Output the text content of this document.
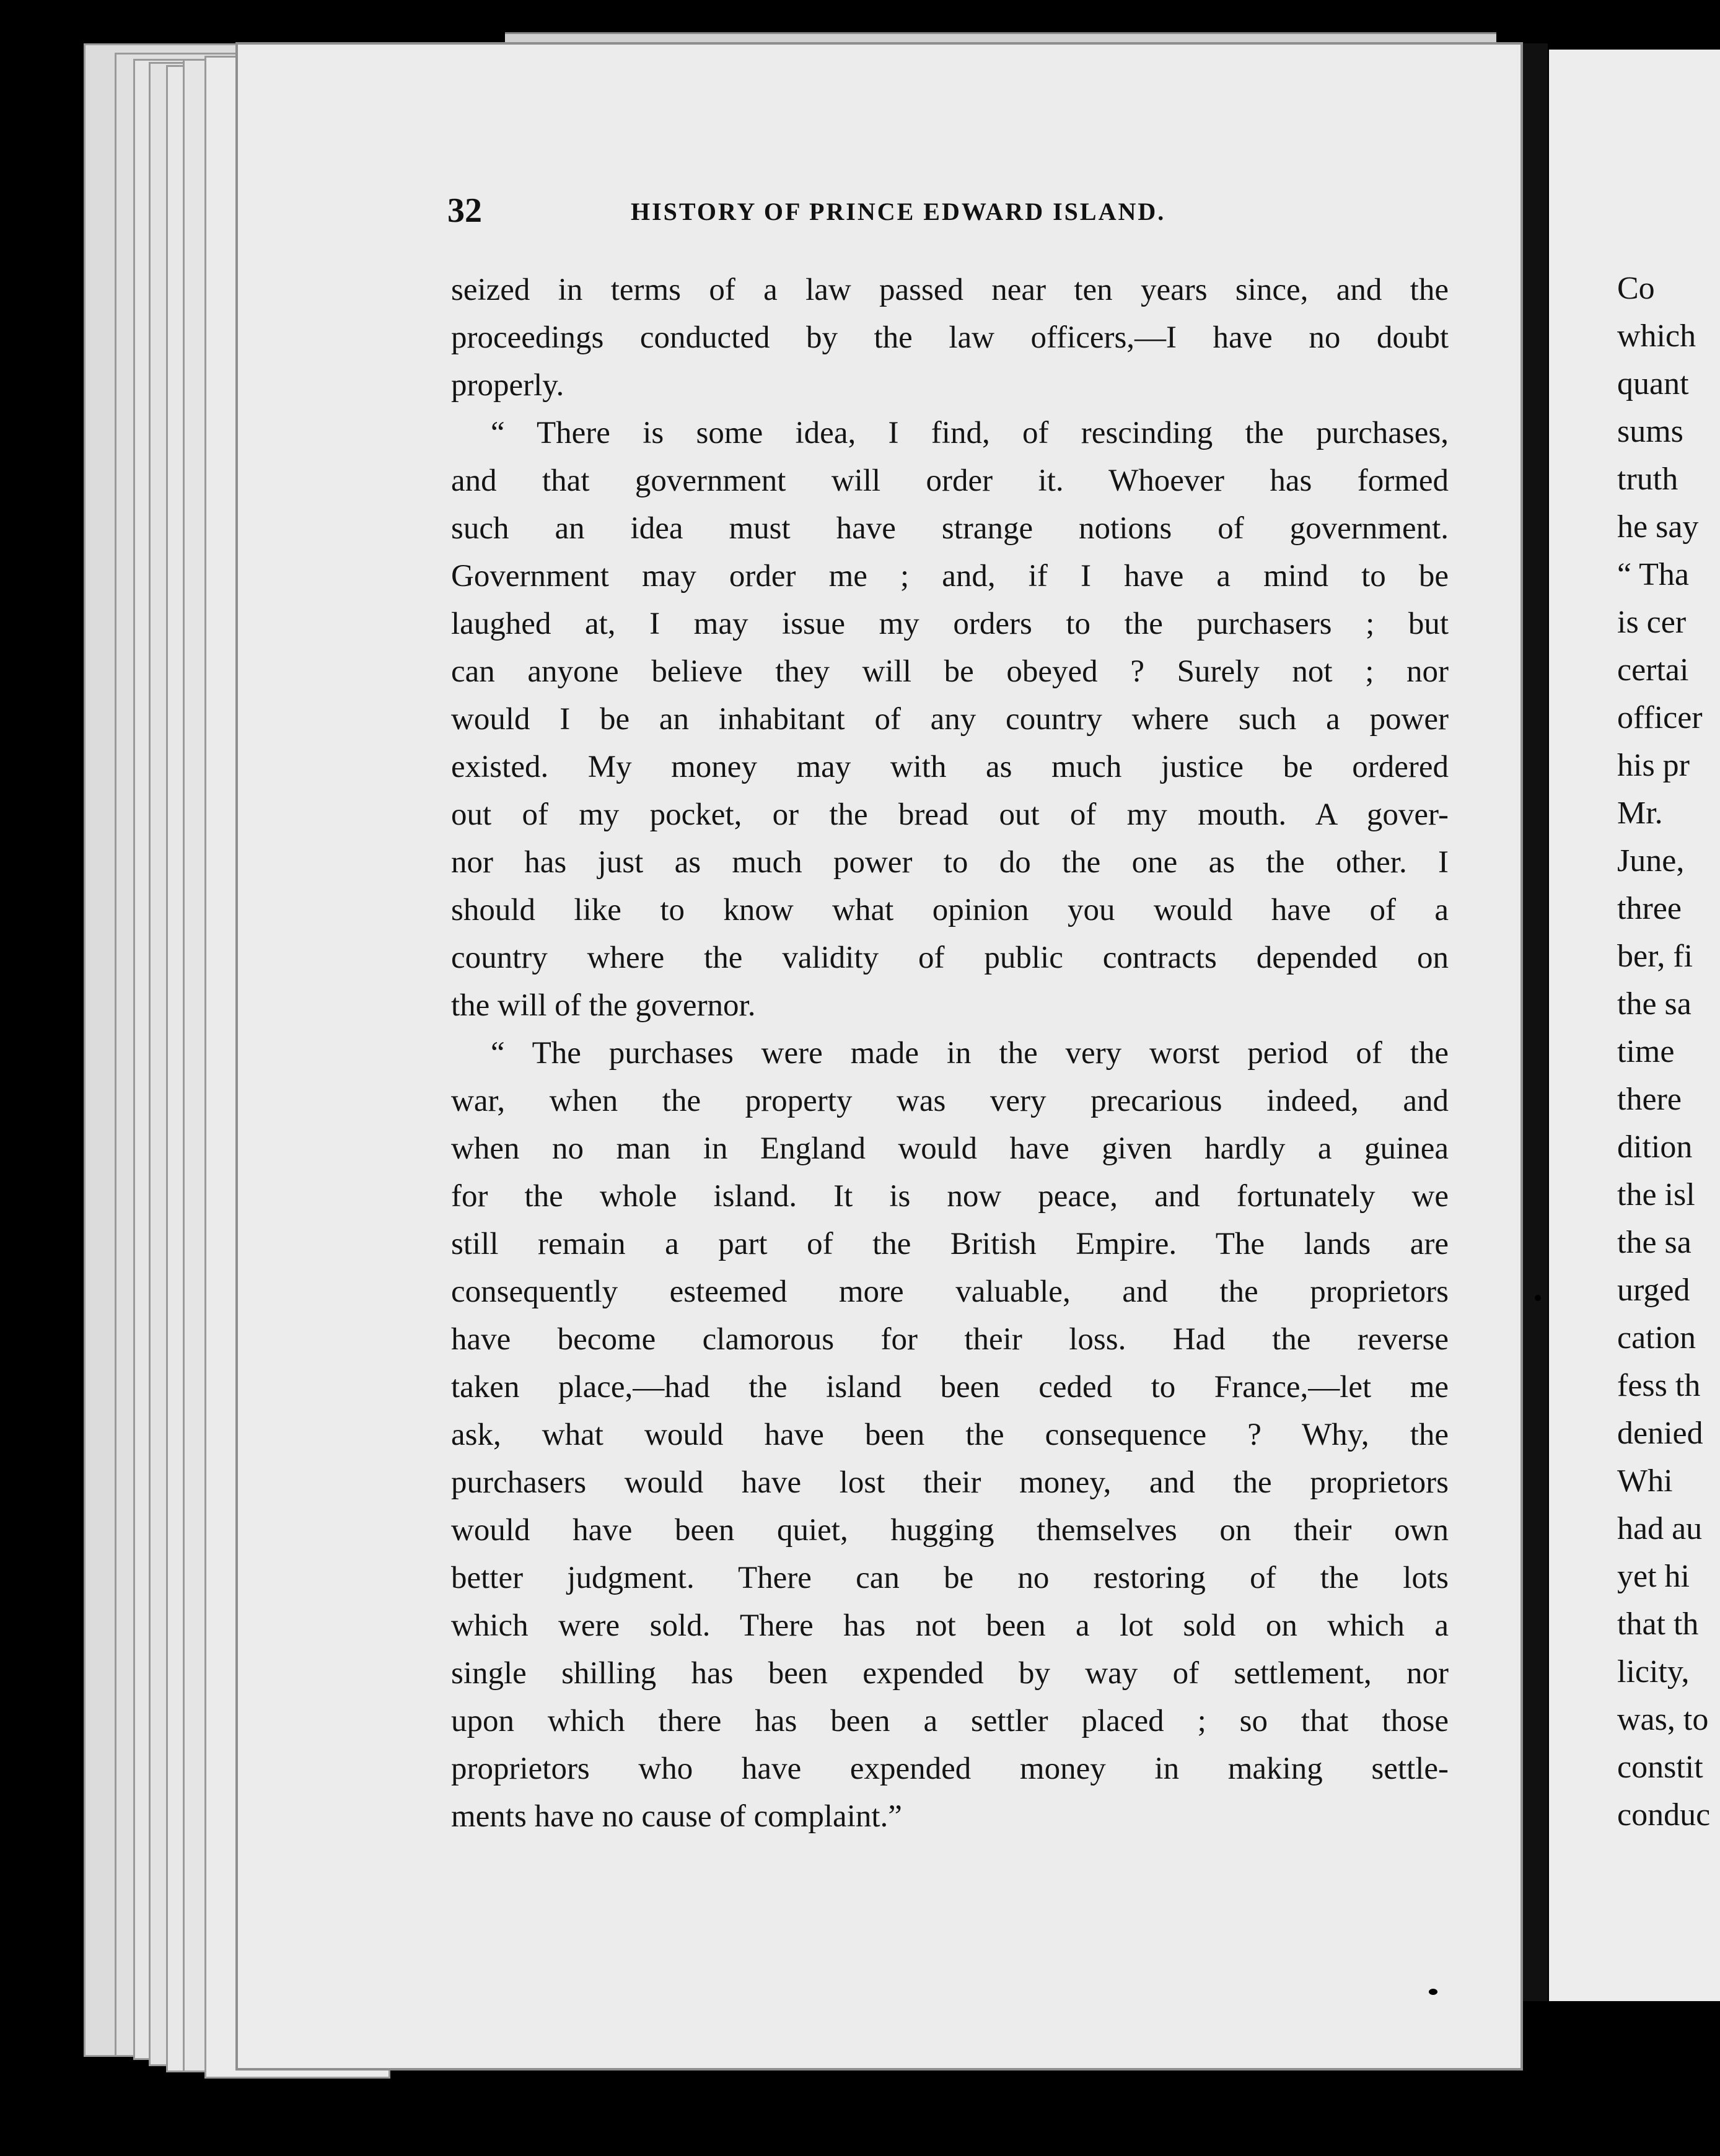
32	HISTORY OF PRINCE EDWARD ISLAND.
seized in terms of a law passed near ten years since, and the
proceedings conducted by the law officers,—I have no doubt
properly.
“ There is some idea, I find, of rescinding the purchases,
and that government will order it. Whoever has formed
such an idea must have strange notions of government.
Government may order me ; and, if I have a mind to be
laughed at, I may issue my orders to the purchasers ; but
can anyone believe they will be obeyed ? Surely not ; nor
would I be an inhabitant of any country where such a power
existed. My money may with as much justice be ordered
out of my pocket, or the bread out of my mouth. A gover-
nor has just as much power to do the one as the other. I
should like to know what opinion you would have of a
country where the validity of public contracts depended on
the will of the governor.
“ The purchases were made in the very worst period of the
war, when the property was very precarious indeed, and
when no man in England would have given hardly a guinea
for the whole island. It is now peace, and fortunately we
still remain a part of the British Empire. The lands are
consequently esteemed more valuable, and the proprietors
have become clamorous for their loss. Had the reverse
taken place,—had the island been ceded to France,—let me
ask, what would have been the consequence ? Why, the
purchasers would have lost their money, and the proprietors
would have been quiet, hugging themselves on their own
better judgment. There can be no restoring of the lots
which were sold. There has not been a lot sold on which a
single shilling has been expended by way of settlement, nor
upon which there has been a settler placed ; so that those
proprietors who have expended money in making settle-
ments have no cause of complaint.”
Co
which
quant
sums
truth
he say
“ Tha
is cer
certai
officer
his pr
Mr.
June,
three
ber, fi
the sa
time
there
dition
the isl
the sa
urged
cation
fess th
denied
Whi
had au
yet hi
that th
licity,
was, to
constit
conduc
